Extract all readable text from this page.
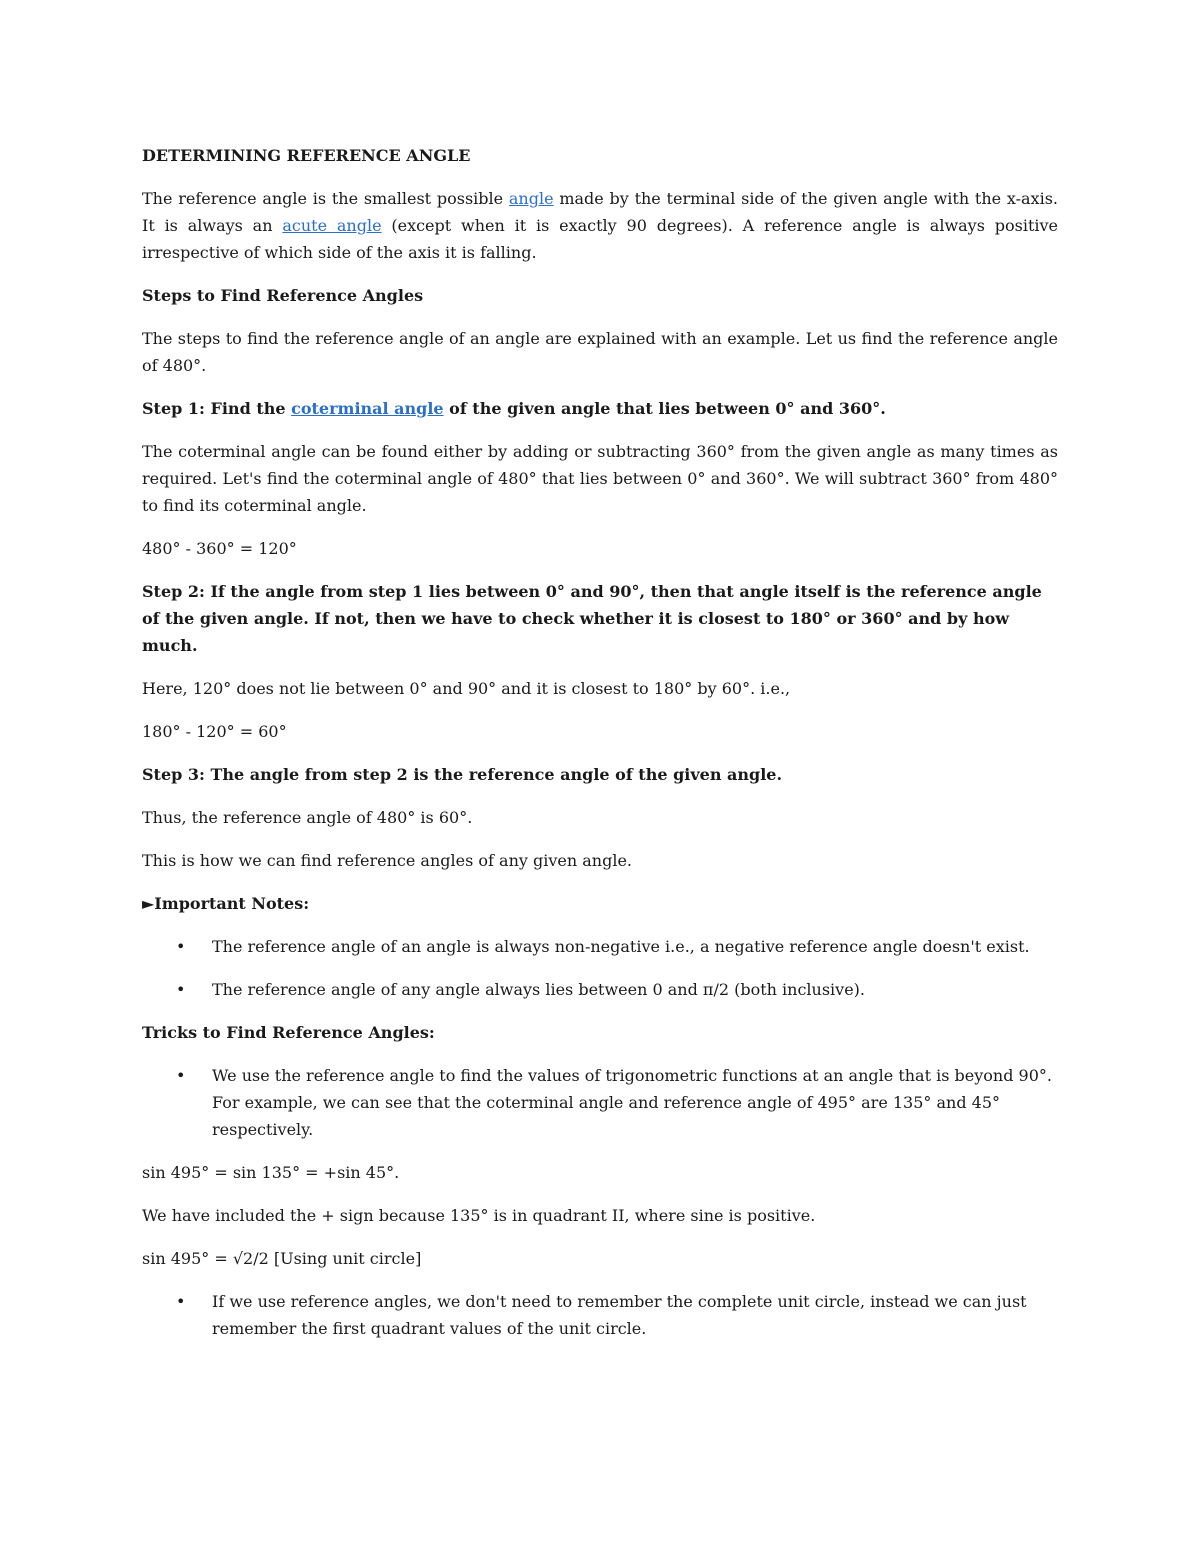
DETERMINING REFERENCE ANGLE

The reference angle is the smallest possible angle made by the terminal side of the given angle with the x-axis. It is always an acute angle (except when it is exactly 90 degrees). A reference angle is always positive irrespective of which side of the axis it is falling.

Steps to Find Reference Angles

The steps to find the reference angle of an angle are explained with an example. Let us find the reference angle of 480°.

Step 1: Find the coterminal angle of the given angle that lies between 0° and 360°.

The coterminal angle can be found either by adding or subtracting 360° from the given angle as many times as required. Let's find the coterminal angle of 480° that lies between 0° and 360°. We will subtract 360° from 480° to find its coterminal angle.

480° - 360° = 120°

Step 2: If the angle from step 1 lies between 0° and 90°, then that angle itself is the reference angle of the given angle. If not, then we have to check whether it is closest to 180° or 360° and by how much.

Here, 120° does not lie between 0° and 90° and it is closest to 180° by 60°. i.e.,

180° - 120° = 60°

Step 3: The angle from step 2 is the reference angle of the given angle.

Thus, the reference angle of 480° is 60°.

This is how we can find reference angles of any given angle.

►Important Notes:

• The reference angle of an angle is always non-negative i.e., a negative reference angle doesn't exist.
• The reference angle of any angle always lies between 0 and π/2 (both inclusive).

Tricks to Find Reference Angles:

• We use the reference angle to find the values of trigonometric functions at an angle that is beyond 90°. For example, we can see that the coterminal angle and reference angle of 495° are 135° and 45° respectively.

sin 495° = sin 135° = +sin 45°.

We have included the + sign because 135° is in quadrant II, where sine is positive.

sin 495° = √2/2 [Using unit circle]

• If we use reference angles, we don't need to remember the complete unit circle, instead we can just remember the first quadrant values of the unit circle.
